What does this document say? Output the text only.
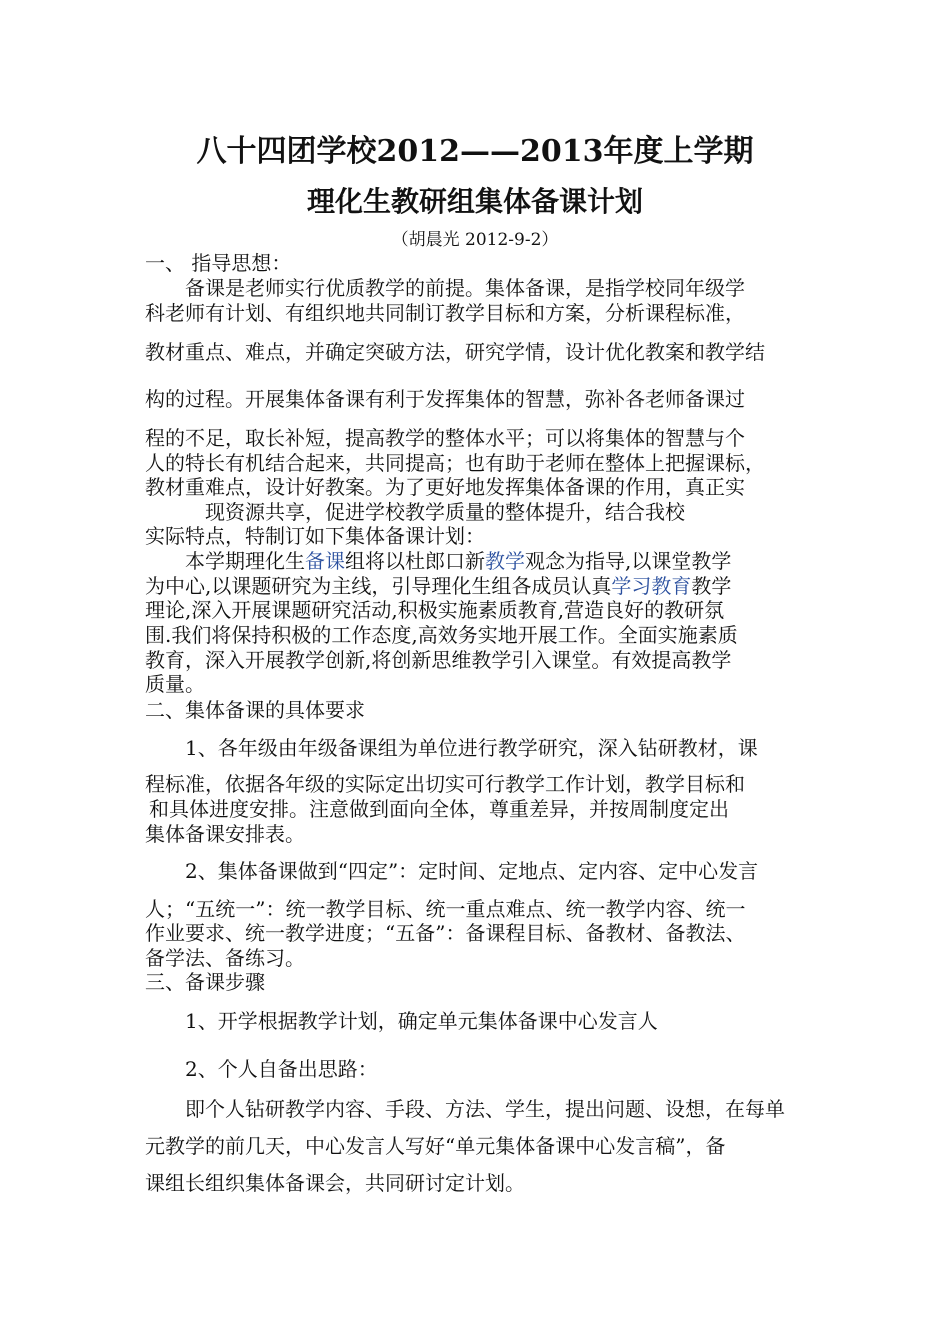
八十四团学校2012——2013年度上学期
理化生教研组集体备课计划
（胡晨光 2012-9-2）
一、 指导思想：
备课是老师实行优质教学的前提。集体备课，是指学校同年级学
科老师有计划、有组织地共同制订教学目标和方案，分析课程标准，
教材重点、难点，并确定突破方法，研究学情，设计优化教案和教学结
构的过程。开展集体备课有利于发挥集体的智慧，弥补各老师备课过
程的不足，取长补短，提高教学的整体水平；可以将集体的智慧与个
人的特长有机结合起来，共同提高；也有助于老师在整体上把握课标，
教材重难点，设计好教案。为了更好地发挥集体备课的作用，真正实
现资源共享，促进学校教学质量的整体提升，结合我校
实际特点，特制订如下集体备课计划：
本学期理化生备课组将以杜郎口新教学观念为指导,以课堂教学
为中心,以课题研究为主线，引导理化生组各成员认真学习教育教学
理论,深入开展课题研究活动,积极实施素质教育,营造良好的教研氛
围.我们将保持积极的工作态度,高效务实地开展工作。全面实施素质
教育，深入开展教学创新,将创新思维教学引入课堂。有效提高教学
质量。
二、集体备课的具体要求
1、各年级由年级备课组为单位进行教学研究，深入钻研教材，课
程标准，依据各年级的实际定出切实可行教学工作计划，教学目标和
和具体进度安排。注意做到面向全体，尊重差异，并按周制度定出
集体备课安排表。
2、集体备课做到“四定”：定时间、定地点、定内容、定中心发言
人；“五统一”：统一教学目标、统一重点难点、统一教学内容、统一
作业要求、统一教学进度；“五备”：备课程目标、备教材、备教法、
备学法、备练习。
三、备课步骤
1、开学根据教学计划，确定单元集体备课中心发言人
2、个人自备出思路：
即个人钻研教学内容、手段、方法、学生，提出问题、设想，在每单
元教学的前几天，中心发言人写好“单元集体备课中心发言稿”，备
课组长组织集体备课会，共同研讨定计划。
